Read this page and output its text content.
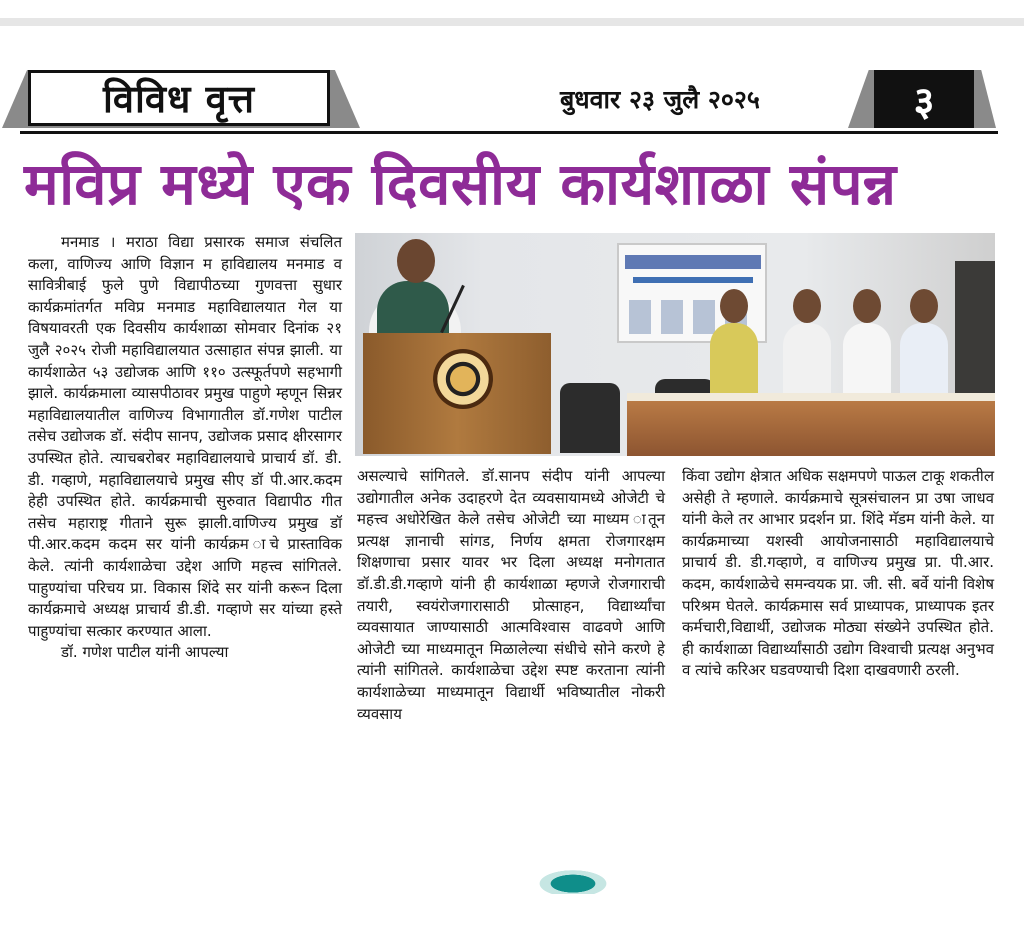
विविध वृत्त	बुधवार २३ जुलै २०२५	३
मविप्र मध्ये एक दिवसीय कार्यशाळा संपन्न

मनमाड । मराठा विद्या प्रसारक समाज संचलित कला, वाणिज्य आणि विज्ञान म हाविद्यालय मनमाड व सावित्रीबाई फुले पुणे विद्यापीठच्या गुणवत्ता सुधार कार्यक्रमांतर्गत मविप्र मनमाड महाविद्यालयात गेल या विषयावरती एक दिवसीय कार्यशाळा सोमवार दिनांक २१ जुलै २०२५ रोजी महाविद्यालयात उत्साहात संपन्न झाली. या कार्यशाळेत ५३ उद्योजक आणि ११० उत्स्फूर्तपणे सहभागी झाले. कार्यक्रमाला व्यासपीठावर प्रमुख पाहुणे म्हणून सिन्नर महाविद्यालयातील वाणिज्य विभागातील डॉ.गणेश पाटील तसेच उद्योजक डॉ. संदीप सानप, उद्योजक प्रसाद क्षीरसागर उपस्थित होते. त्याचबरोबर महाविद्यालयाचे प्राचार्य डॉ. डी. डी. गव्हाणे, महाविद्यालयाचे प्रमुख सीए डॉ पी.आर.कदम हेही उपस्थित होते. कार्यक्रमाची सुरुवात विद्यापीठ गीत तसेच महाराष्ट्र गीताने सुरू झाली.वाणिज्य प्रमुख डॉ पी.आर.कदम कदम सर यांनी कार्यक्रम ाचे प्रास्ताविक केले. त्यांनी कार्यशाळेचा उद्देश आणि महत्त्व सांगितले. पाहुण्यांचा परिचय प्रा. विकास शिंदे सर यांनी करून दिला कार्यक्रमाचे अध्यक्ष प्राचार्य डी.डी. गव्हाणे सर यांच्या हस्ते पाहुण्यांचा सत्कार करण्यात आला.

डॉ. गणेश पाटील यांनी आपल्या

असल्याचे सांगितले. डॉ.सानप संदीप यांनी आपल्या उद्योगातील अनेक उदाहरणे देत व्यवसायामध्ये ओजेटी चे महत्त्व अधोरेखित केले तसेच ओजेटी च्या माध्यम ातून प्रत्यक्ष ज्ञानाची सांगड, निर्णय क्षमता रोजगारक्षम शिक्षणाचा प्रसार यावर भर दिला अध्यक्ष मनोगतात डॉ.डी.डी.गव्हाणे यांनी ही कार्यशाळा म्हणजे रोजगाराची तयारी, स्वयंरोजगारासाठी प्रोत्साहन, विद्यार्थ्यांचा व्यवसायात जाण्यासाठी आत्मविश्वास वाढवणे आणि ओजेटी च्या माध्यमातून मिळालेल्या संधीचे सोने करणे हे त्यांनी सांगितले. कार्यशाळेचा उद्देश स्पष्ट करताना त्यांनी कार्यशाळेच्या माध्यमातून विद्यार्थी भविष्यातील नोकरी व्यवसाय

किंवा उद्योग क्षेत्रात अधिक सक्षमपणे पाऊल टाकू शकतील असेही ते म्हणाले. कार्यक्रमाचे सूत्रसंचालन प्रा उषा जाधव यांनी केले तर आभार प्रदर्शन प्रा. शिंदे मॅडम यांनी केले. या कार्यक्रमाच्या यशस्वी आयोजनासाठी महाविद्यालयाचे प्राचार्य डी. डी.गव्हाणे, व वाणिज्य प्रमुख प्रा. पी.आर. कदम, कार्यशाळेचे समन्वयक प्रा. जी. सी. बर्वे यांनी विशेष परिश्रम घेतले. कार्यक्रमास सर्व प्राध्यापक, प्राध्यापक इतर कर्मचारी,विद्यार्थी, उद्योजक मोठ्या संख्येने उपस्थित होते. ही कार्यशाळा विद्यार्थ्यांसाठी उद्योग विश्वाची प्रत्यक्ष अनुभव व त्यांचे करिअर घडवण्याची दिशा दाखवणारी ठरली.
